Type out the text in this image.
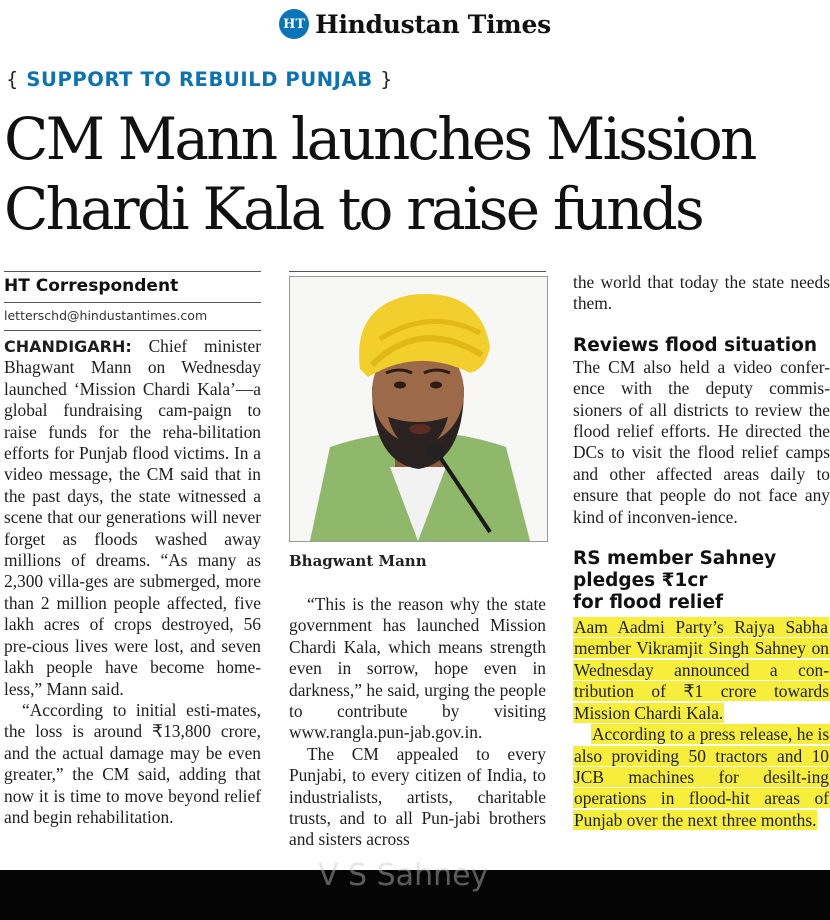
HT Hindustan Times
{ SUPPORT TO REBUILD PUNJAB }
CM Mann launches Mission
Chardi Kala to raise funds
HT Correspondent
letterschd@hindustantimes.com

CHANDIGARH: Chief minister Bhagwant Mann on Wednesday launched ‘Mission Chardi Kala’—a global fundraising cam-paign to raise funds for the reha-bilitation efforts for Punjab flood victims. In a video message, the CM said that in the past days, the state witnessed a scene that our generations will never forget as floods washed away millions of dreams. “As many as 2,300 villa-ges are submerged, more than 2 million people affected, five lakh acres of crops destroyed, 56 pre-cious lives were lost, and seven lakh people have become home-less,” Mann said.

“According to initial esti-mates, the loss is around ₹13,800 crore, and the actual damage may be even greater,” the CM said, adding that now it is time to move beyond relief and begin rehabilitation.

Bhagwant Mann

“This is the reason why the state government has launched Mission Chardi Kala, which means strength even in sorrow, hope even in darkness,” he said, urging the people to contribute by visiting www.rangla.pun-jab.gov.in.

The CM appealed to every Punjabi, to every citizen of India, to industrialists, artists, charitable trusts, and to all Pun-jabi brothers and sisters across

the world that today the state needs them.

Reviews flood situation

The CM also held a video confer-ence with the deputy commis-sioners of all districts to review the flood relief efforts. He directed the DCs to visit the flood relief camps and other affected areas daily to ensure that people do not face any kind of inconven-ience.

RS member Sahney
pledges ₹1cr
for flood relief

Aam Aadmi Party’s Rajya Sabha member Vikramjit Singh Sahney on Wednesday announced a con-tribution of ₹1 crore towards Mission Chardi Kala.

According to a press release, he is also providing 50 tractors and 10 JCB machines for desilt-ing operations in flood-hit areas of Punjab over the next three months.

V S Sahney
